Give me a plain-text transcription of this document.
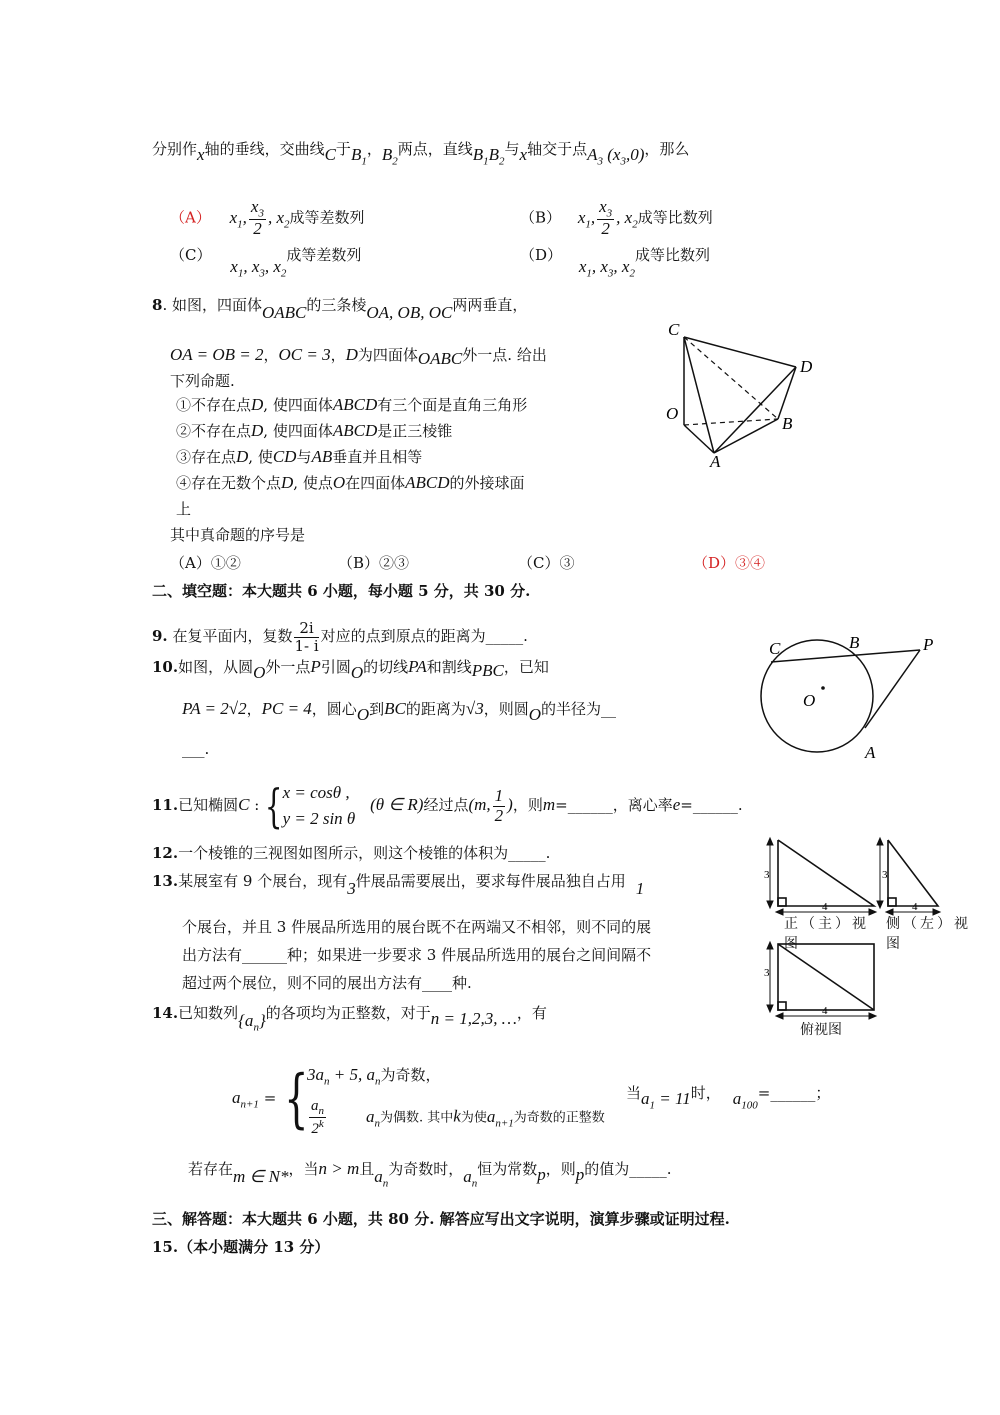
分别作x轴的垂线，交曲线C于$B_1$，$B_2$两点，直线$B_1B_2$与x轴交于点$A_3$ $(x_3,0)$，那么
（A） $x_1$, $\frac{x_3}{2}$ , $x_2$成等差数列	（B） $x_1$, $\frac{x_3}{2}$ , $x_2$成等比数列
（C） $x_1$, $x_3$, $x_2$成等差数列	（D） $x_1$, $x_3$, $x_2$成等比数列
8. 如图，四面体OABC的三条棱OA, OB, OC两两垂直，
OA = OB = 2，OC = 3，D为四面体OABC外一点. 给出
下列命题.
①不存在点D, 使四面体ABCD有三个面是直角三角形
②不存在点D, 使四面体ABCD是正三棱锥
③存在点D, 使CD与AB垂直并且相等
④存在无数个点D, 使点O在四面体ABCD的外接球面
上
其中真命题的序号是
（A）①②	（B）②③	（C）③	（D）③④
C
D
O
B
A
二、填空题：本大题共 6 小题，每小题 5 分，共 30 分.
9. 在复平面内，复数 $\frac{2i}{1- i}$ 对应的点到原点的距离为_____.
10.如图，从圆O外一点P引圆O的切线PA和割线PBC，已知
PA = 2√2，PC = 4，圆心O到BC的距离为√3，则圆O的半径为__
___.
C	B	P
O
A
11.已知椭圆C : { x = cosθ ,
y = 2 sin θ
(θ ∈ R)经过点(m, $\frac{1}{2}$ )，则m=______，离心率e=______.
12.一个棱锥的三视图如图所示，则这个棱锥的体积为_____.
3
4
3
4
3
4
正（主）视图
侧（左）视图
俯视图
13.某展室有 9 个展台，现有3件展品需要展出，要求每件展品独自占用 1
个展台，并且 3 件展品所选用的展台既不在两端又不相邻，则不同的展
出方法有______种；如果进一步要求 3 件展品所选用的展台之间间隔不
超过两个展位，则不同的展出方法有____种.
14.已知数列$\{a_n\}$的各项均为正整数，对于n = 1,2,3, …，有
$a_{n+1}$ = {
$3a_n + 5$, $a_n$为奇数，
$\frac{a_n}{2^k} a_n$为偶数. 其中k为使$a_{n+1}$为奇数的正整数
当$a_1 = 11$时， $a_{100}=\_\_\_\_\_\_$；
若存在m ∈ N*，当n > m且$a_n$为奇数时，$a_n$恒为常数p，则p的值为_____.
三、解答题：本大题共 6 小题，共 80 分. 解答应写出文字说明，演算步骤或证明过程.
15.（本小题满分 13 分）
